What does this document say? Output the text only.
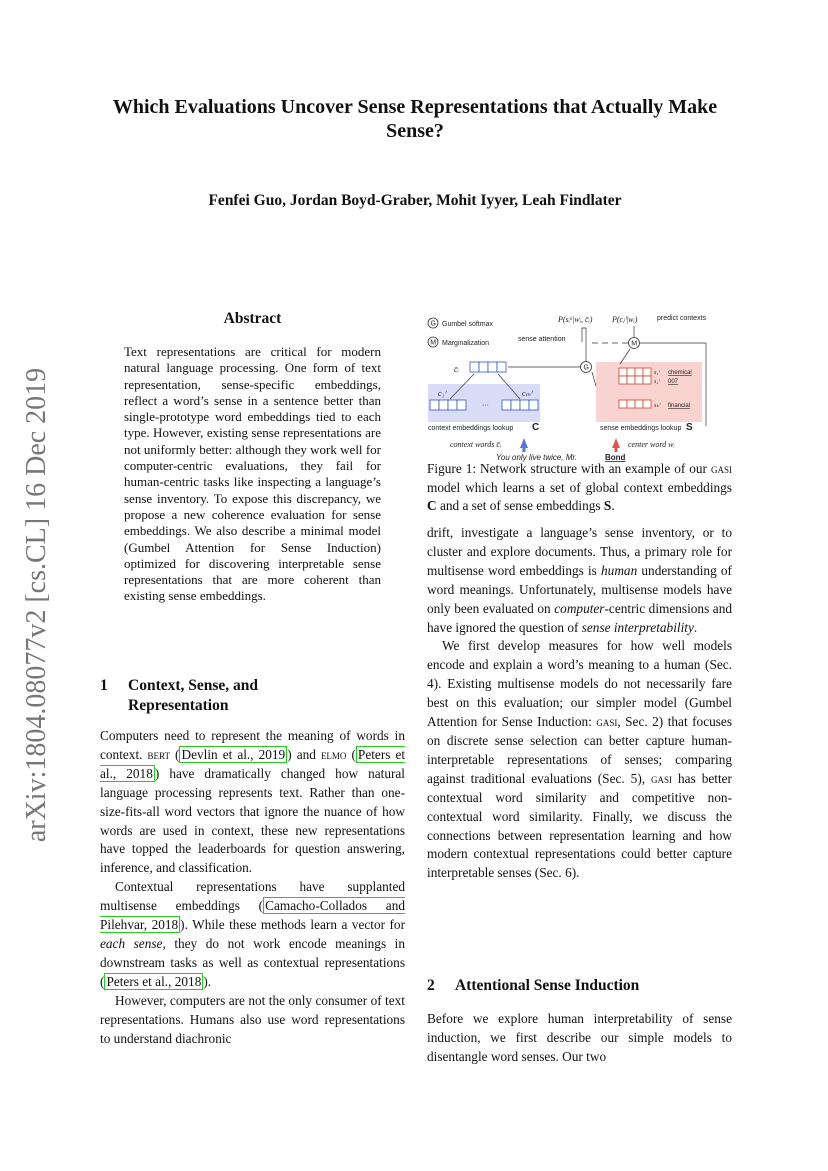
arXiv:1804.08077v2 [cs.CL] 16 Dec 2019
Which Evaluations Uncover Sense Representations that Actually Make Sense?
Fenfei Guo, Jordan Boyd-Graber, Mohit Iyyer, Leah Findlater
Abstract
Text representations are critical for modern natural language processing. One form of text representation, sense-specific embeddings, reflect a word’s sense in a sentence better than single-prototype word embeddings tied to each type. However, existing sense representations are not uniformly better: although they work well for computer-centric evaluations, they fail for human-centric tasks like inspecting a language’s sense inventory. To expose this discrepancy, we propose a new coherence evaluation for sense embeddings. We also describe a minimal model (Gumbel Attention for Sense Induction) optimized for discovering interpretable sense representations that are more coherent than existing sense embeddings.
G Gumbel softmax
M Marginalization
P(sᵢᵏ|wᵢ, c̄ᵢ) P(cⱼⁱ|wᵢ)	predict contexts
sense attention
c̄ᵢ
c₁ⁱ	cₘⁱ
···
context embeddings lookup C
G
M
s₁ⁱ chemical
s₂ⁱ 007
sₖⁱ financial
sense embeddings lookup S
context words c̄ᵢ	center word wᵢ
You only live twice, Mr.	Bond
Figure 1: Network structure with an example of our gasi model which learns a set of global context embeddings C and a set of sense embeddings S.
1 Context, Sense, and
Representation

Computers need to represent the meaning of words in context. bert ( Devlin et al., 2019 ) and elmo ( Peters et al., 2018 ) have dramatically changed how natural language processing represents text. Rather than one-size-fits-all word vectors that ignore the nuance of how words are used in context, these new representations have topped the leaderboards for question answering, inference, and classification.

Contextual representations have supplanted multisense embeddings ( Camacho-Collados and Pilehvar, 2018 ). While these methods learn a vector for each sense, they do not work encode meanings in downstream tasks as well as contextual representations ( Peters et al., 2018 ).

However, computers are not the only consumer of text representations. Humans also use word representations to understand diachronic

drift, investigate a language’s sense inventory, or to cluster and explore documents. Thus, a primary role for multisense word embeddings is human understanding of word meanings. Unfortunately, multisense models have only been evaluated on computer-centric dimensions and have ignored the question of sense interpretability.

We first develop measures for how well models encode and explain a word’s meaning to a human (Sec. 4). Existing multisense models do not necessarily fare best on this evaluation; our simpler model (Gumbel Attention for Sense Induction: gasi, Sec. 2) that focuses on discrete sense selection can better capture human-interpretable representations of senses; comparing against traditional evaluations (Sec. 5), gasi has better contextual word similarity and competitive non-contextual word similarity. Finally, we discuss the connections between representation learning and how modern contextual representations could better capture interpretable senses (Sec. 6).

2 Attentional Sense Induction

Before we explore human interpretability of sense induction, we first describe our simple models to disentangle word senses. Our two
